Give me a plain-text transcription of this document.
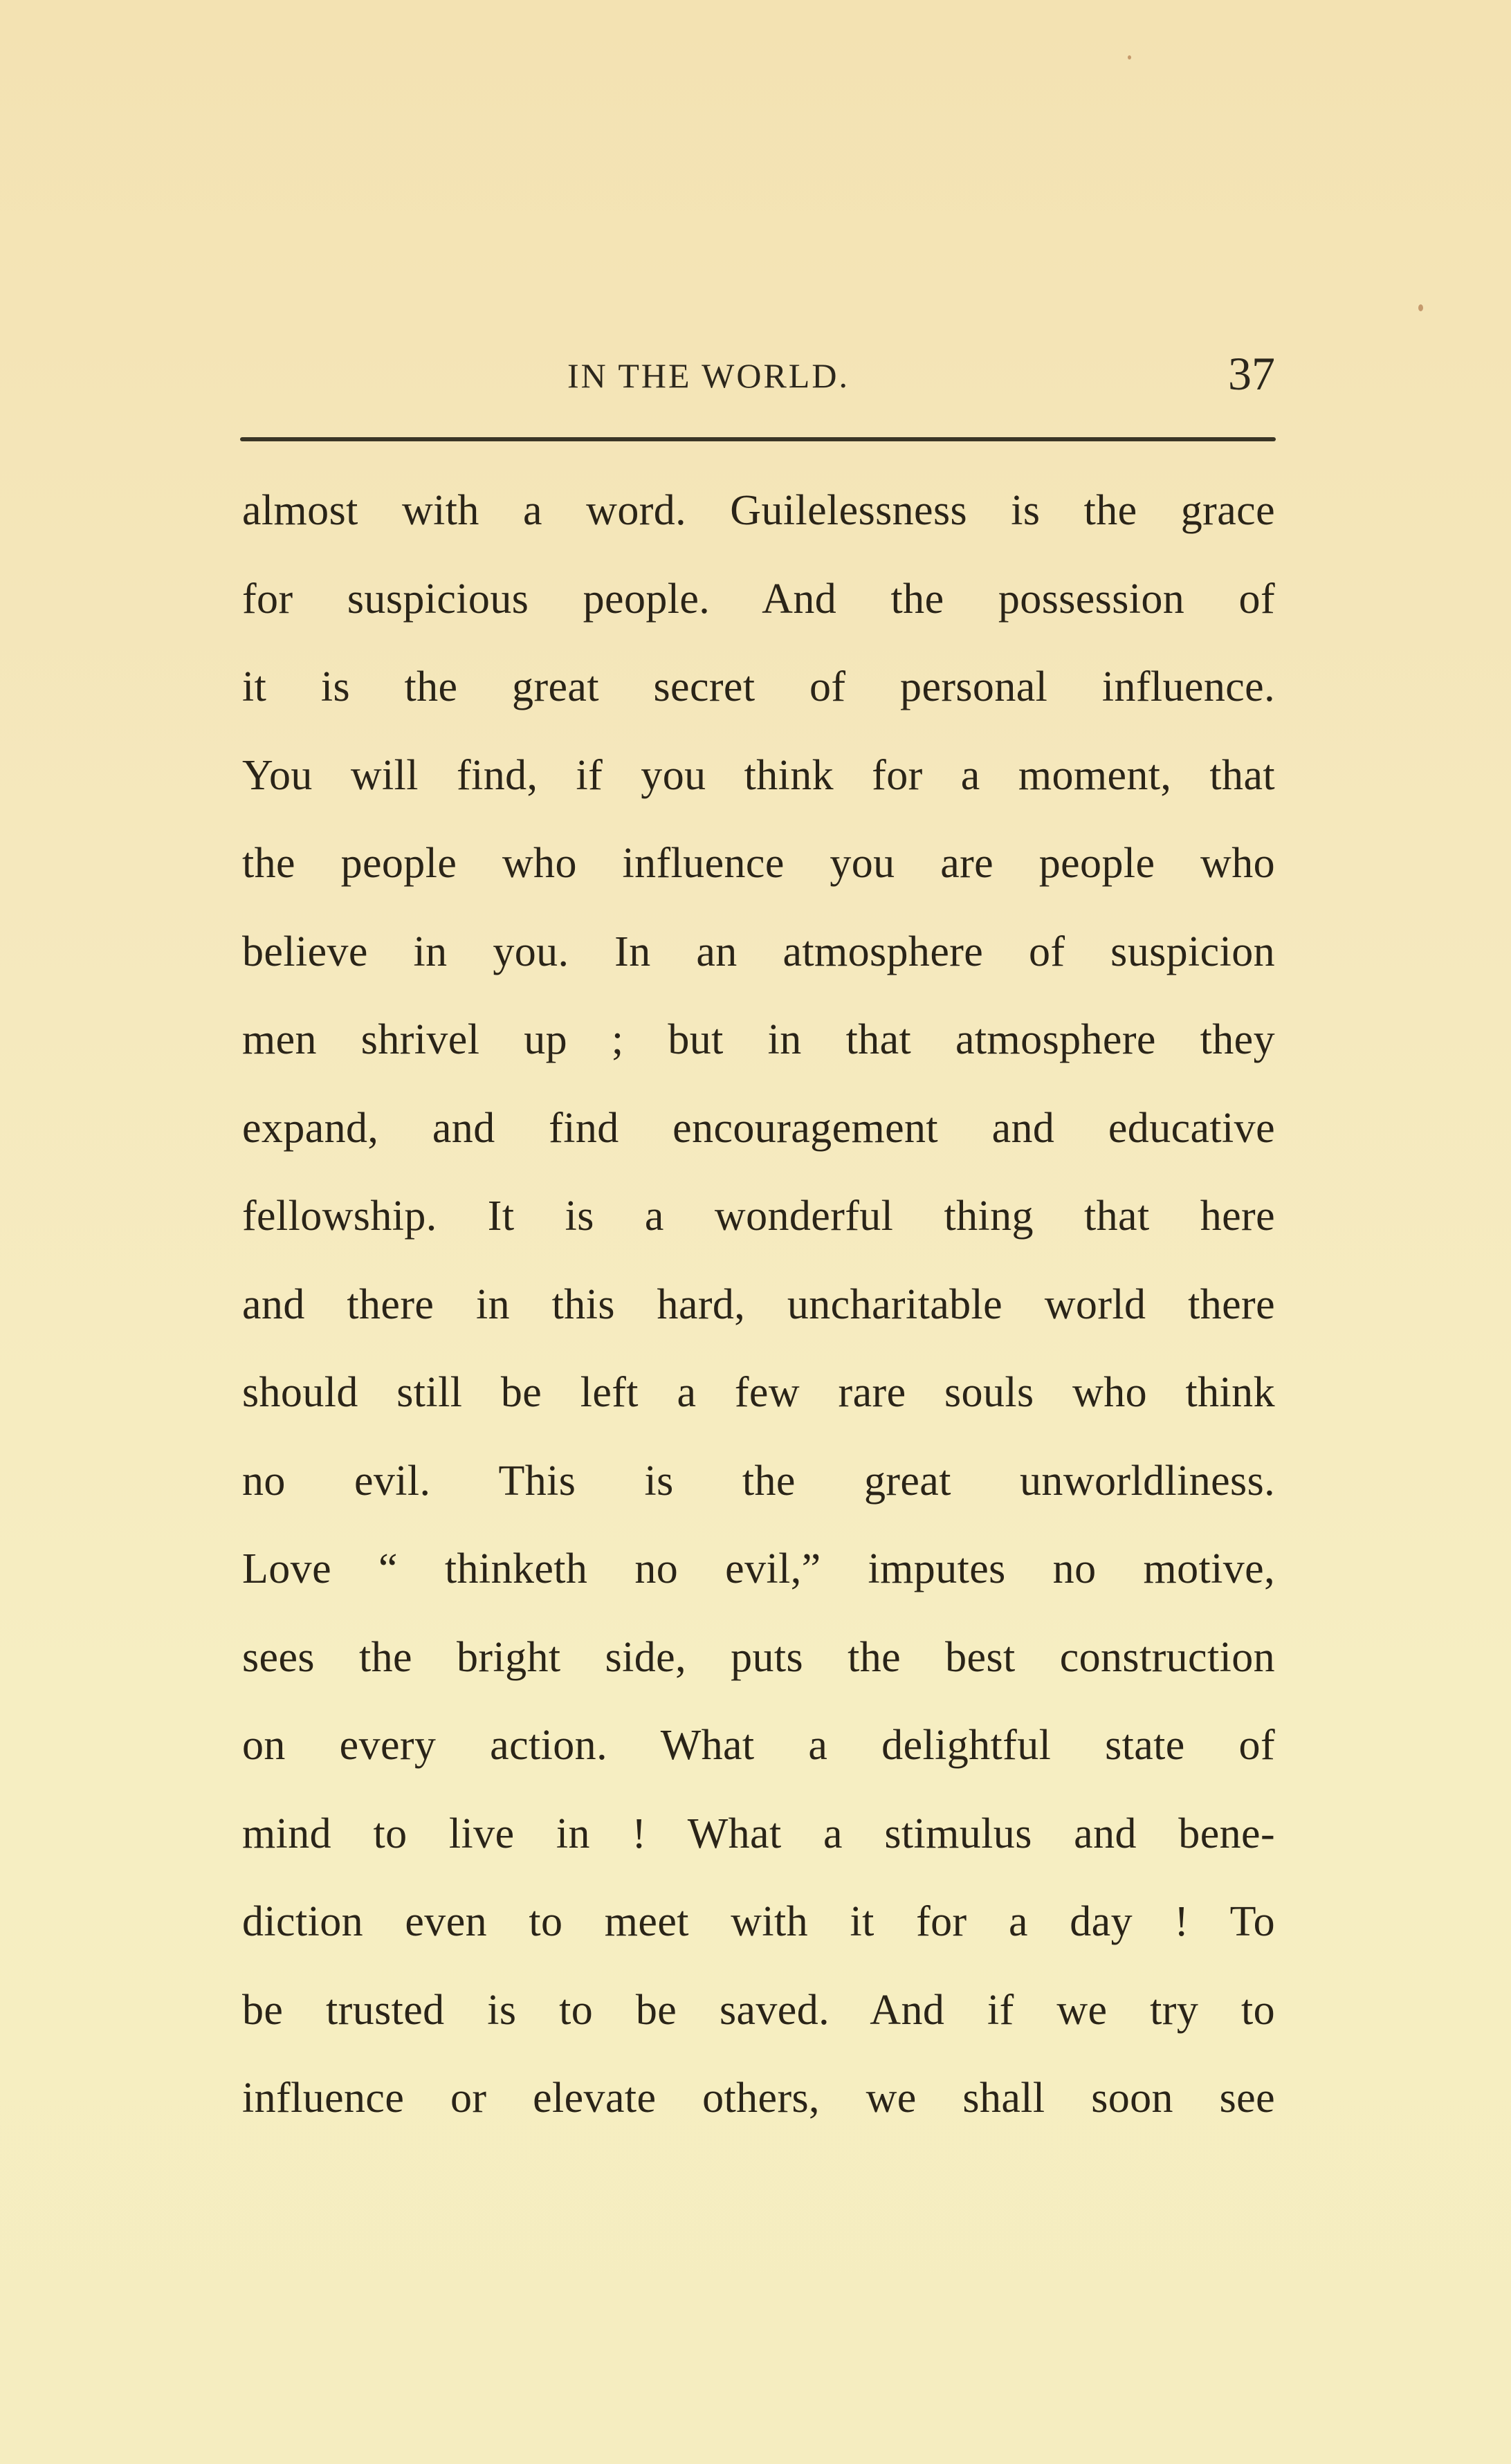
IN THE WORLD.	37
almost with a word. Guilelessness is the grace
for suspicious people. And the possession of
it is the great secret of personal influence.
You will find, if you think for a moment, that
the people who influence you are people who
believe in you. In an atmosphere of suspicion
men shrivel up ; but in that atmosphere they
expand, and find encouragement and educative
fellowship. It is a wonderful thing that here
and there in this hard, uncharitable world there
should still be left a few rare souls who think
no evil. This is the great unworldliness.
Love “ thinketh no evil,” imputes no motive,
sees the bright side, puts the best construction
on every action. What a delightful state of
mind to live in ! What a stimulus and bene-
diction even to meet with it for a day ! To
be trusted is to be saved. And if we try to
influence or elevate others, we shall soon see
